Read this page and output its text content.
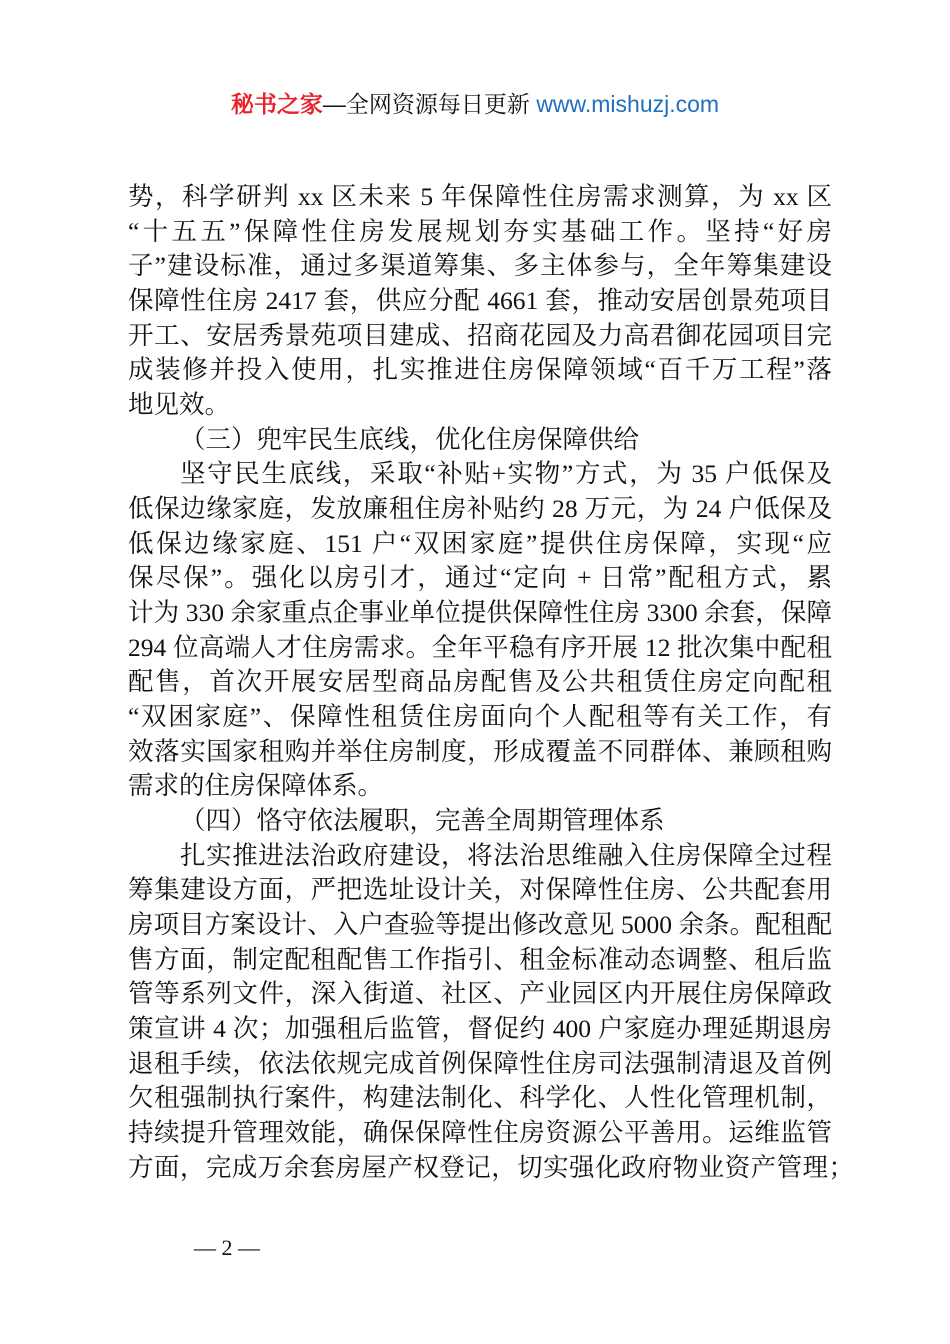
秘书之家—全网资源每日更新 www.mishuzj.com
势，科学研判 xx 区未来 5 年保障性住房需求测算，为 xx 区
“十五五”保障性住房发展规划夯实基础工作。坚持“好房
子”建设标准，通过多渠道筹集、多主体参与，全年筹集建设
保障性住房 2417 套，供应分配 4661 套，推动安居创景苑项目
开工、安居秀景苑项目建成、招商花园及力高君御花园项目完
成装修并投入使用，扎实推进住房保障领域“百千万工程”落
地见效。
（三）兜牢民生底线，优化住房保障供给
坚守民生底线，采取“补贴+实物”方式，为 35 户低保及
低保边缘家庭，发放廉租住房补贴约 28 万元，为 24 户低保及
低保边缘家庭、151 户“双困家庭”提供住房保障，实现“应
保尽保”。强化以房引才，通过“定向 + 日常”配租方式，累
计为 330 余家重点企事业单位提供保障性住房 3300 余套，保障
294 位高端人才住房需求。全年平稳有序开展 12 批次集中配租
配售，首次开展安居型商品房配售及公共租赁住房定向配租
“双困家庭”、保障性租赁住房面向个人配租等有关工作，有
效落实国家租购并举住房制度，形成覆盖不同群体、兼顾租购
需求的住房保障体系。
（四）恪守依法履职，完善全周期管理体系
扎实推进法治政府建设，将法治思维融入住房保障全过程
筹集建设方面，严把选址设计关，对保障性住房、公共配套用
房项目方案设计、入户查验等提出修改意见 5000 余条。配租配
售方面，制定配租配售工作指引、租金标准动态调整、租后监
管等系列文件，深入街道、社区、产业园区内开展住房保障政
策宣讲 4 次；加强租后监管，督促约 400 户家庭办理延期退房
退租手续，依法依规完成首例保障性住房司法强制清退及首例
欠租强制执行案件，构建法制化、科学化、人性化管理机制，
持续提升管理效能，确保保障性住房资源公平善用。运维监管
方面，完成万余套房屋产权登记，切实强化政府物业资产管理；
— 2 —
